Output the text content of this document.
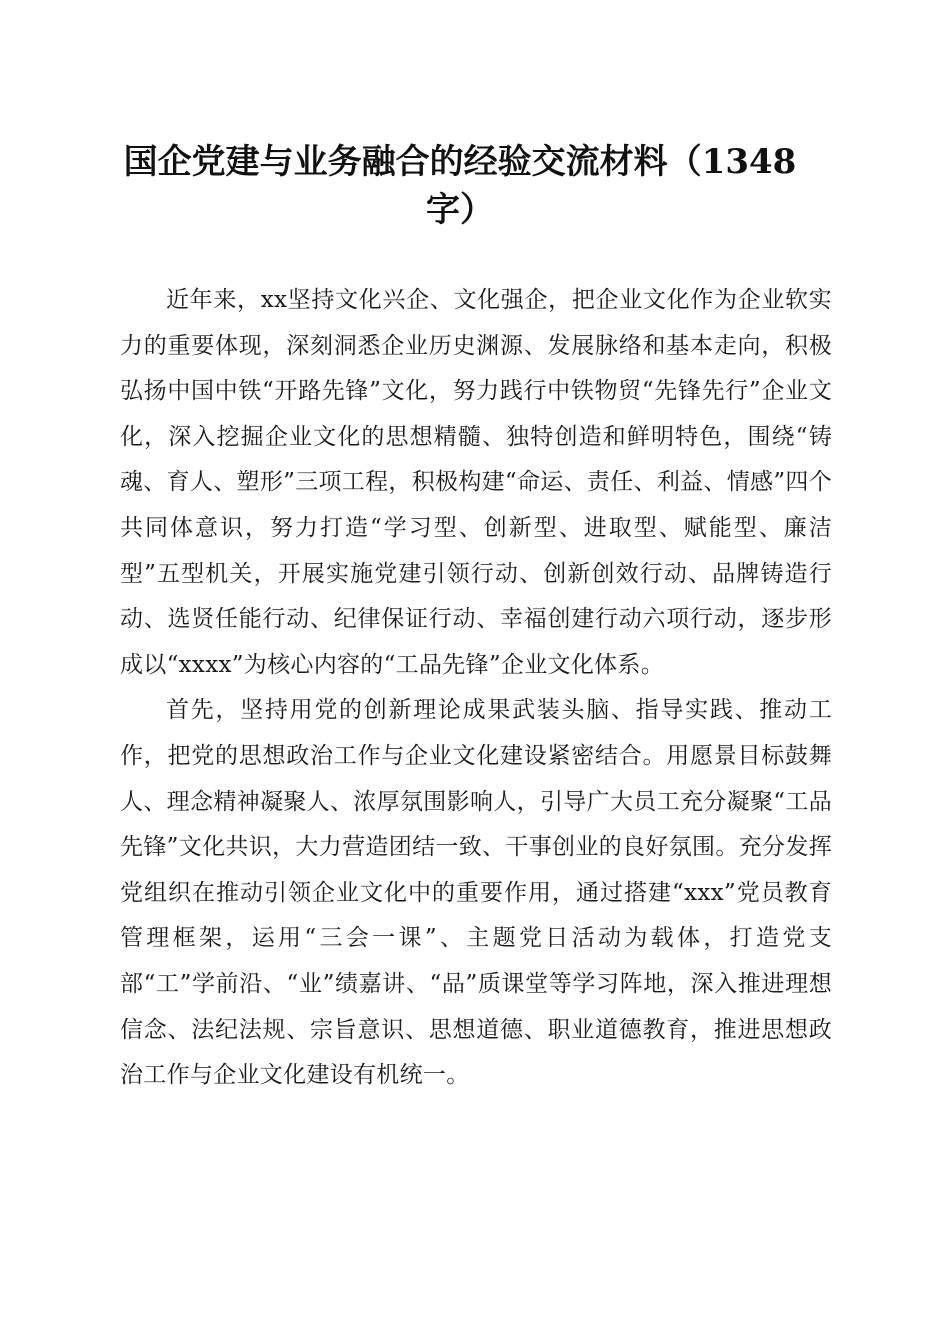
国企党建与业务融合的经验交流材料（1348字）

近年来，xx坚持文化兴企、文化强企，把企业文化作为企业软实力的重要体现，深刻洞悉企业历史渊源、发展脉络和基本走向，积极弘扬中国中铁“开路先锋”文化，努力践行中铁物贸“先锋先行”企业文化，深入挖掘企业文化的思想精髓、独特创造和鲜明特色，围绕“铸魂、育人、塑形”三项工程，积极构建“命运、责任、利益、情感”四个共同体意识，努力打造“学习型、创新型、进取型、赋能型、廉洁型”五型机关，开展实施党建引领行动、创新创效行动、品牌铸造行动、选贤任能行动、纪律保证行动、幸福创建行动六项行动，逐步形成以“xxxx”为核心内容的“工品先锋”企业文化体系。

首先，坚持用党的创新理论成果武装头脑、指导实践、推动工作，把党的思想政治工作与企业文化建设紧密结合。用愿景目标鼓舞人、理念精神凝聚人、浓厚氛围影响人，引导广大员工充分凝聚“工品先锋”文化共识，大力营造团结一致、干事创业的良好氛围。充分发挥党组织在推动引领企业文化中的重要作用，通过搭建“xxx”党员教育管理框架，运用“三会一课”、主题党日活动为载体，打造党支部“工”学前沿、“业”绩嘉讲、“品”质课堂等学习阵地，深入推进理想信念、法纪法规、宗旨意识、思想道德、职业道德教育，推进思想政治工作与企业文化建设有机统一。
